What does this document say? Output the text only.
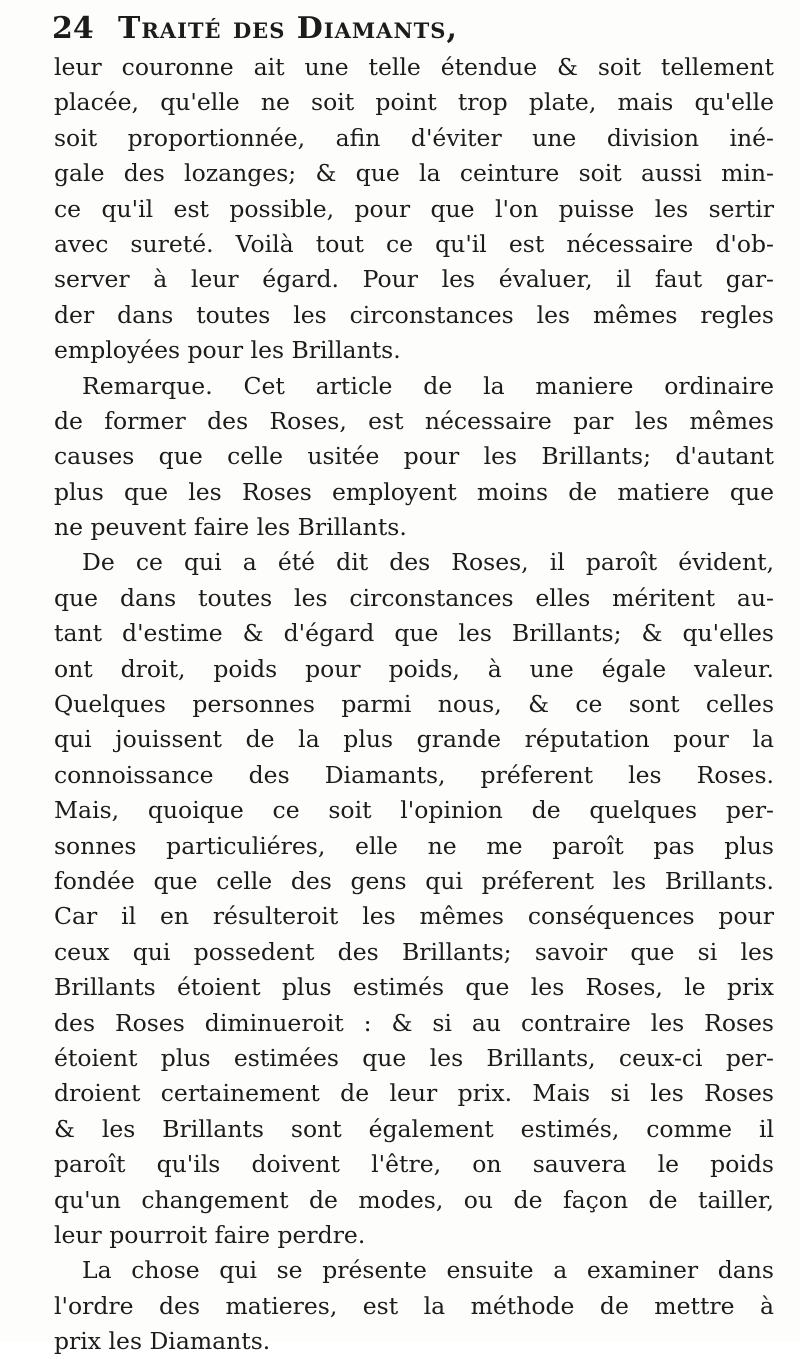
24 Traité des Diamants,
leur couronne ait une telle étendue & soit tellement
placée, qu'elle ne soit point trop plate, mais qu'elle
soit proportionnée, afin d'éviter une division iné-
gale des lozanges; & que la ceinture soit aussi min-
ce qu'il est possible, pour que l'on puisse les sertir
avec sureté. Voilà tout ce qu'il est nécessaire d'ob-
server à leur égard. Pour les évaluer, il faut gar-
der dans toutes les circonstances les mêmes regles
employées pour les Brillants.
Remarque. Cet article de la maniere ordinaire
de former des Roses, est nécessaire par les mêmes
causes que celle usitée pour les Brillants; d'autant
plus que les Roses employent moins de matiere que
ne peuvent faire les Brillants.
De ce qui a été dit des Roses, il paroît évident,
que dans toutes les circonstances elles méritent au-
tant d'estime & d'égard que les Brillants; & qu'elles
ont droit, poids pour poids, à une égale valeur.
Quelques personnes parmi nous, & ce sont celles
qui jouissent de la plus grande réputation pour la
connoissance des Diamants, préferent les Roses.
Mais, quoique ce soit l'opinion de quelques per-
sonnes particuliéres, elle ne me paroît pas plus
fondée que celle des gens qui préferent les Brillants.
Car il en résulteroit les mêmes conséquences pour
ceux qui possedent des Brillants; savoir que si les
Brillants étoient plus estimés que les Roses, le prix
des Roses diminueroit : & si au contraire les Roses
étoient plus estimées que les Brillants, ceux-ci per-
droient certainement de leur prix. Mais si les Roses
& les Brillants sont également estimés, comme il
paroît qu'ils doivent l'être, on sauvera le poids
qu'un changement de modes, ou de façon de tailler,
leur pourroit faire perdre.
La chose qui se présente ensuite a examiner dans
l'ordre des matieres, est la méthode de mettre à
prix les Diamants.
